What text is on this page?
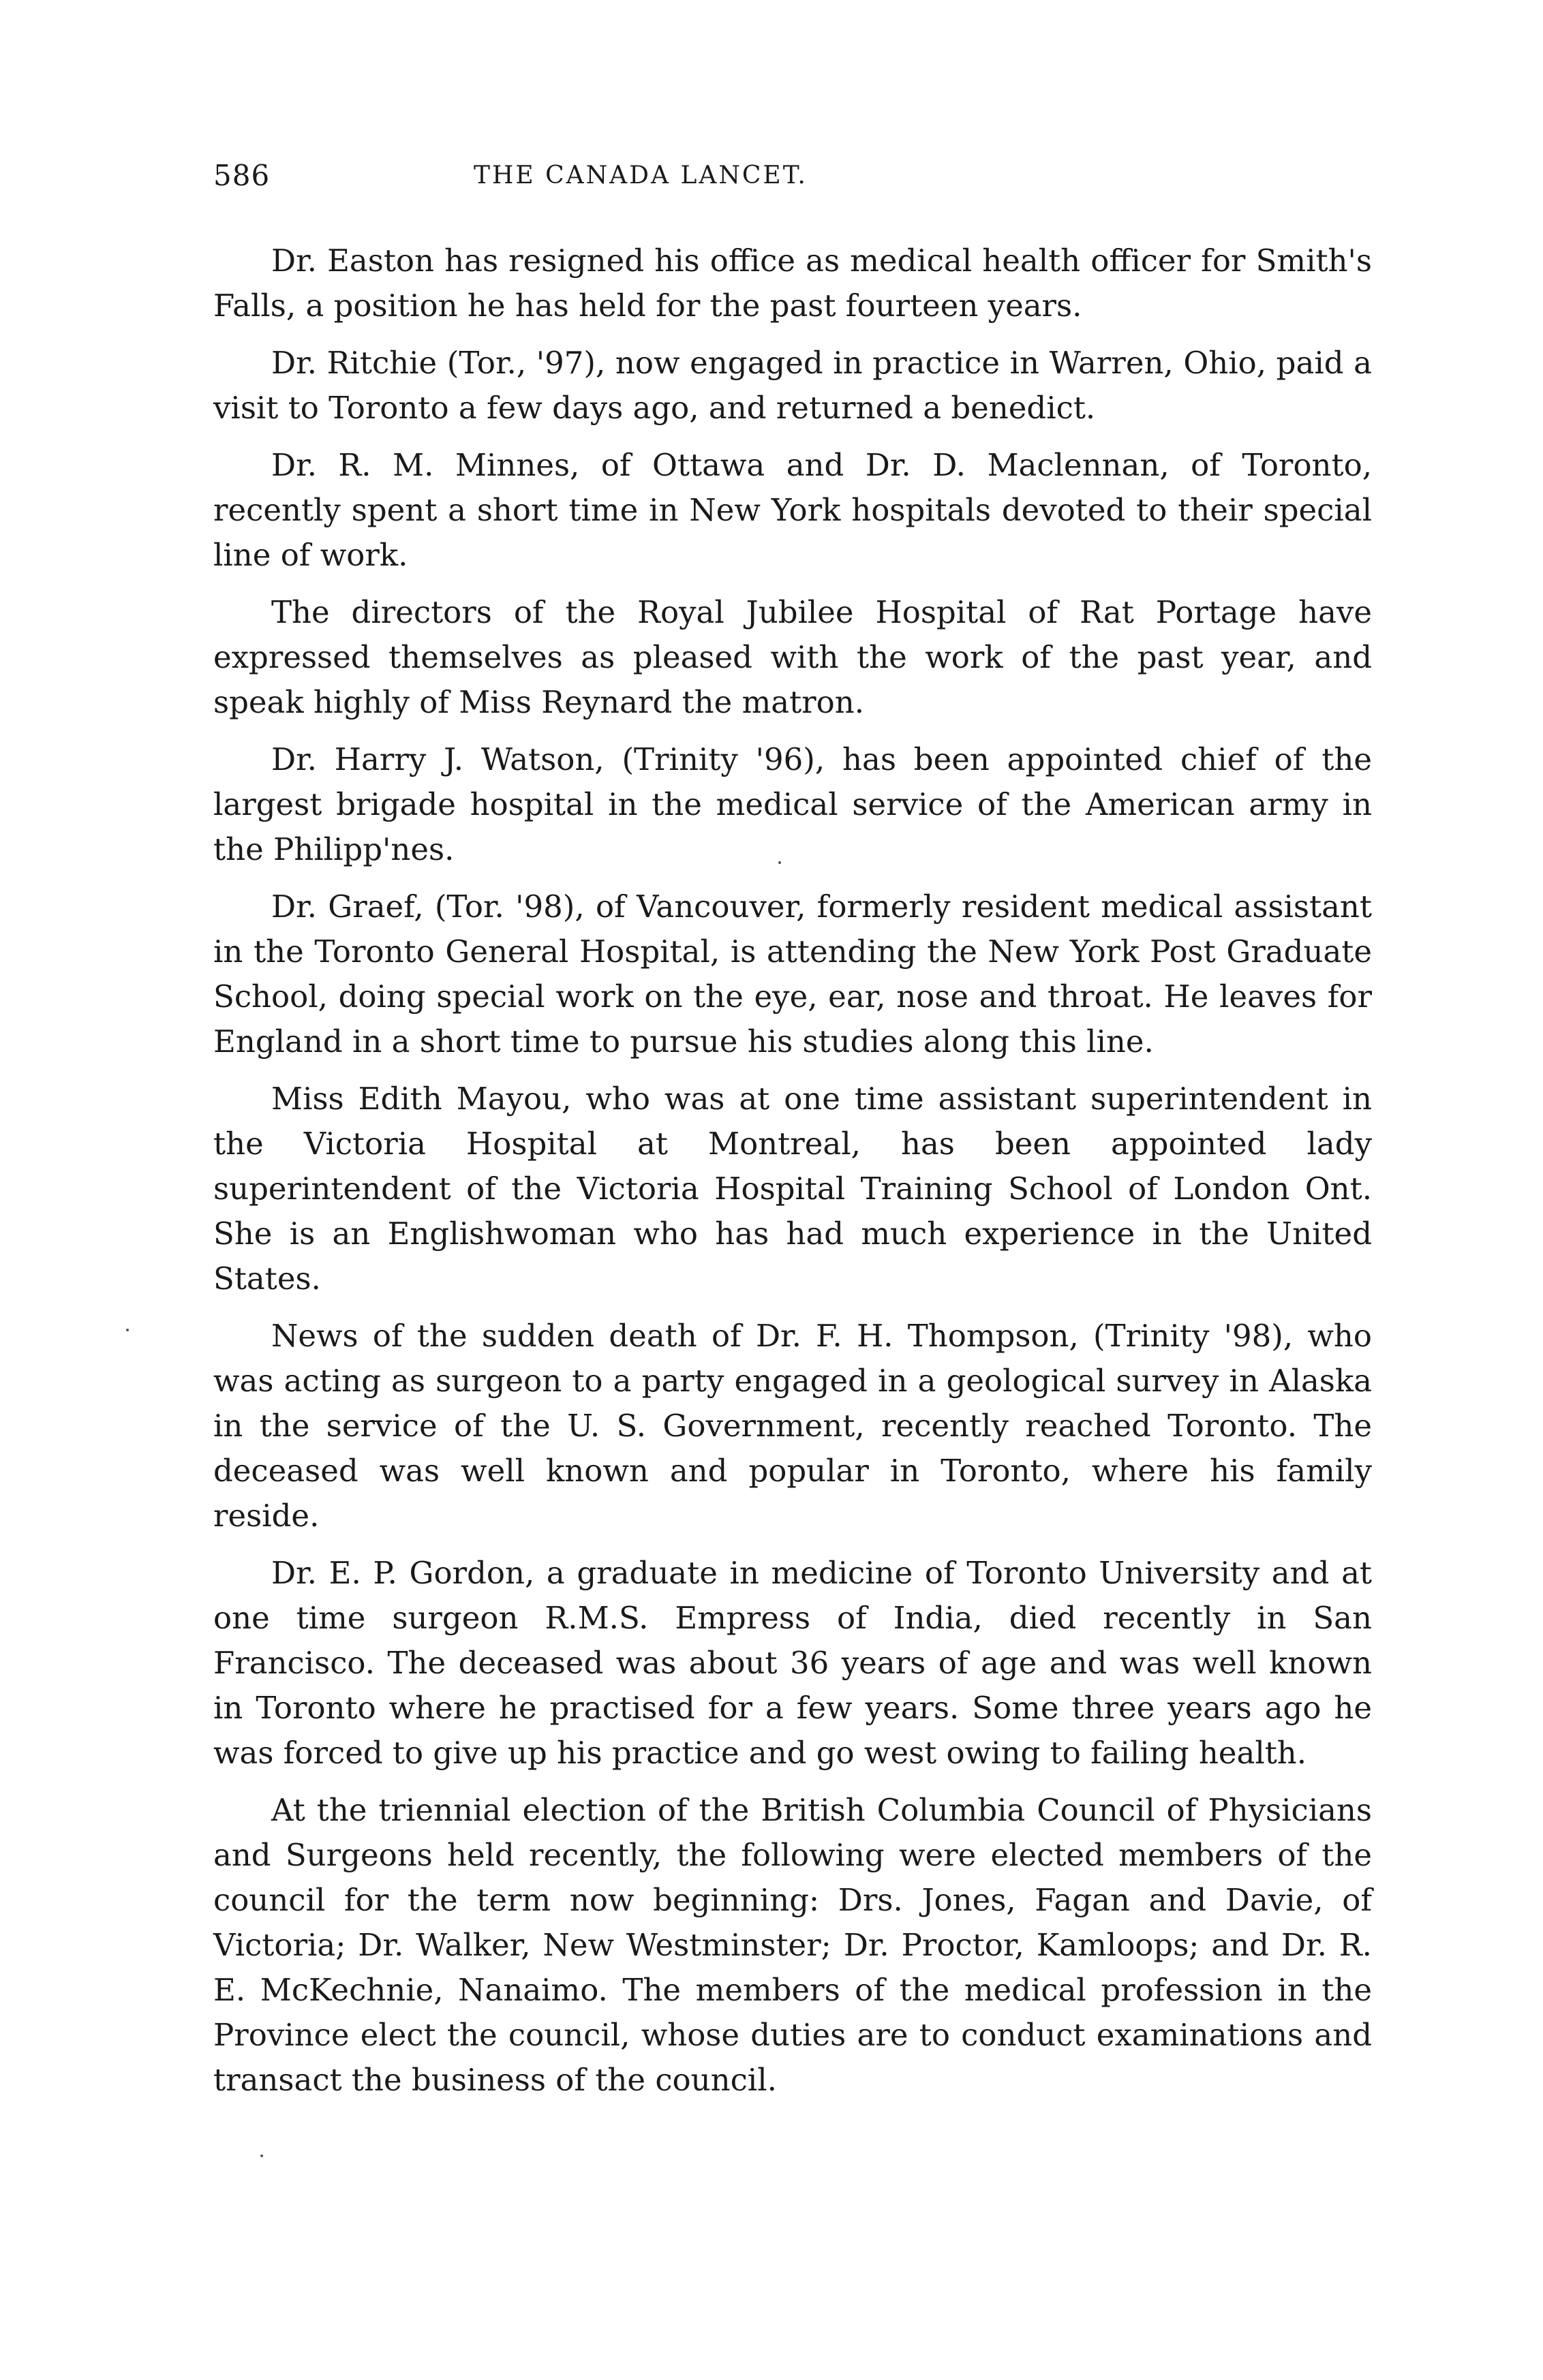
586	THE CANADA LANCET.

Dr. Easton has resigned his office as medical health officer for Smith's Falls, a position he has held for the past fourteen years.

Dr. Ritchie (Tor., '97), now engaged in practice in Warren, Ohio, paid a visit to Toronto a few days ago, and returned a benedict.

Dr. R. M. Minnes, of Ottawa and Dr. D. Maclennan, of Toronto, recently spent a short time in New York hospitals devoted to their special line of work.

The directors of the Royal Jubilee Hospital of Rat Portage have expressed themselves as pleased with the work of the past year, and speak highly of Miss Reynard the matron.

Dr. Harry J. Watson, (Trinity '96), has been appointed chief of the largest brigade hospital in the medical service of the American army in the Philipp'nes.

Dr. Graef, (Tor. '98), of Vancouver, formerly resident medical assistant in the Toronto General Hospital, is attending the New York Post Graduate School, doing special work on the eye, ear, nose and throat. He leaves for England in a short time to pursue his studies along this line.

Miss Edith Mayou, who was at one time assistant superintendent in the Victoria Hospital at Montreal, has been appointed lady superintendent of the Victoria Hospital Training School of London Ont. She is an Englishwoman who has had much experience in the United States.

News of the sudden death of Dr. F. H. Thompson, (Trinity '98), who was acting as surgeon to a party engaged in a geological survey in Alaska in the service of the U. S. Government, recently reached Toronto. The deceased was well known and popular in Toronto, where his family reside.

Dr. E. P. Gordon, a graduate in medicine of Toronto University and at one time surgeon R.M.S. Empress of India, died recently in San Francisco. The deceased was about 36 years of age and was well known in Toronto where he practised for a few years. Some three years ago he was forced to give up his practice and go west owing to failing health.

At the triennial election of the British Columbia Council of Physicians and Surgeons held recently, the following were elected members of the council for the term now beginning: Drs. Jones, Fagan and Davie, of Victoria; Dr. Walker, New Westminster; Dr. Proctor, Kamloops; and Dr. R. E. McKechnie, Nanaimo. The members of the medical profession in the Province elect the council, whose duties are to conduct examinations and transact the business of the council.
